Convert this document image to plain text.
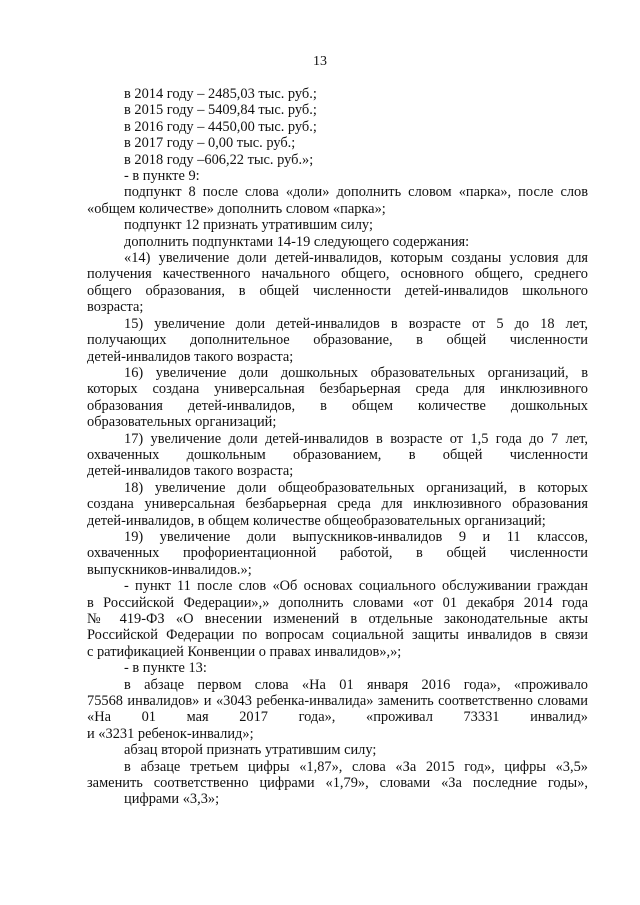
13
в 2014 году – 2485,03 тыс. руб.;
в 2015 году – 5409,84 тыс. руб.;
в 2016 году – 4450,00 тыс. руб.;
в 2017 году – 0,00 тыс. руб.;
в 2018 году –606,22 тыс. руб.»;
- в пункте 9:
подпункт 8 после слова «доли» дополнить словом «парка», после слов
«общем количестве» дополнить словом «парка»;
подпункт 12 признать утратившим силу;
дополнить подпунктами 14-19 следующего содержания:
«14) увеличение доли детей-инвалидов, которым созданы условия для
получения качественного начального общего, основного общего, среднего
общего образования, в общей численности детей-инвалидов школьного
возраста;
15) увеличение доли детей-инвалидов в возрасте от 5 до 18 лет,
получающих дополнительное образование, в общей численности
детей-инвалидов такого возраста;
16) увеличение доли дошкольных образовательных организаций, в
которых создана универсальная безбарьерная среда для инклюзивного
образования детей-инвалидов, в общем количестве дошкольных
образовательных организаций;
17) увеличение доли детей-инвалидов в возрасте от 1,5 года до 7 лет,
охваченных дошкольным образованием, в общей численности
детей-инвалидов такого возраста;
18) увеличение доли общеобразовательных организаций, в которых
создана универсальная безбарьерная среда для инклюзивного образования
детей-инвалидов, в общем количестве общеобразовательных организаций;
19) увеличение доли выпускников-инвалидов 9 и 11 классов,
охваченных профориентационной работой, в общей численности
выпускников-инвалидов.»;
- пункт 11 после слов «Об основах социального обслуживании граждан
в Российской Федерации»,» дополнить словами «от 01 декабря 2014 года
№ 419-ФЗ «О внесении изменений в отдельные законодательные акты
Российской Федерации по вопросам социальной защиты инвалидов в связи
с ратификацией Конвенции о правах инвалидов»,»;
- в пункте 13:
в абзаце первом слова «На 01 января 2016 года», «проживало
75568 инвалидов» и «3043 ребенка-инвалида» заменить соответственно словами
«На 01 мая 2017 года», «проживал 73331 инвалид»
и «3231 ребенок-инвалид»;
абзац второй признать утратившим силу;
в абзаце третьем цифры «1,87», слова «За 2015 год», цифры «3,5»
заменить соответственно цифрами «1,79», словами «За последние годы»,
цифрами «3,3»;
